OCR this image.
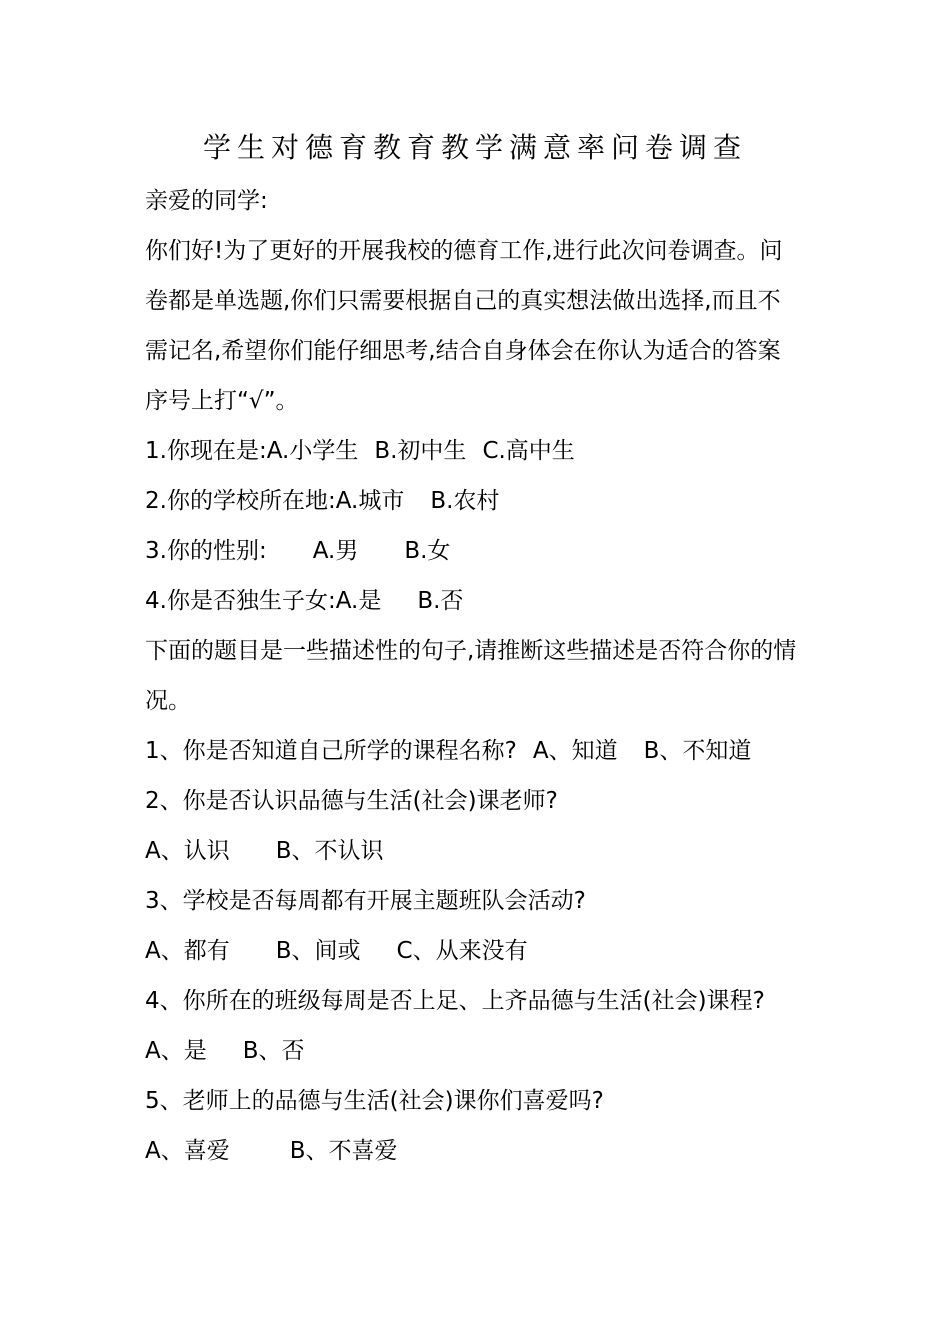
学生对德育教育教学满意率问卷调查
亲爱的同学:
你们好!为了更好的开展我校的德育工作,进行此次问卷调查。问卷都是单选题,你们只需要根据自己的真实想法做出选择,而且不需记名,希望你们能仔细思考,结合自身体会在你认为适合的答案序号上打“√”。
1.你现在是:A.小学生 B.初中生 C.高中生
2.你的学校所在地:A.城市 B.农村
3.你的性别: A.男 B.女
4.你是否独生子女:A.是 B.否
下面的题目是一些描述性的句子,请推断这些描述是否符合你的情况。
1、你是否知道自己所学的课程名称? A、知道 B、不知道
2、你是否认识品德与生活(社会)课老师?
A、认识 B、不认识
3、学校是否每周都有开展主题班队会活动?
A、都有 B、间或 C、从来没有
4、你所在的班级每周是否上足、上齐品德与生活(社会)课程?
A、是 B、否
5、老师上的品德与生活(社会)课你们喜爱吗?
A、喜爱	B、不喜爱
